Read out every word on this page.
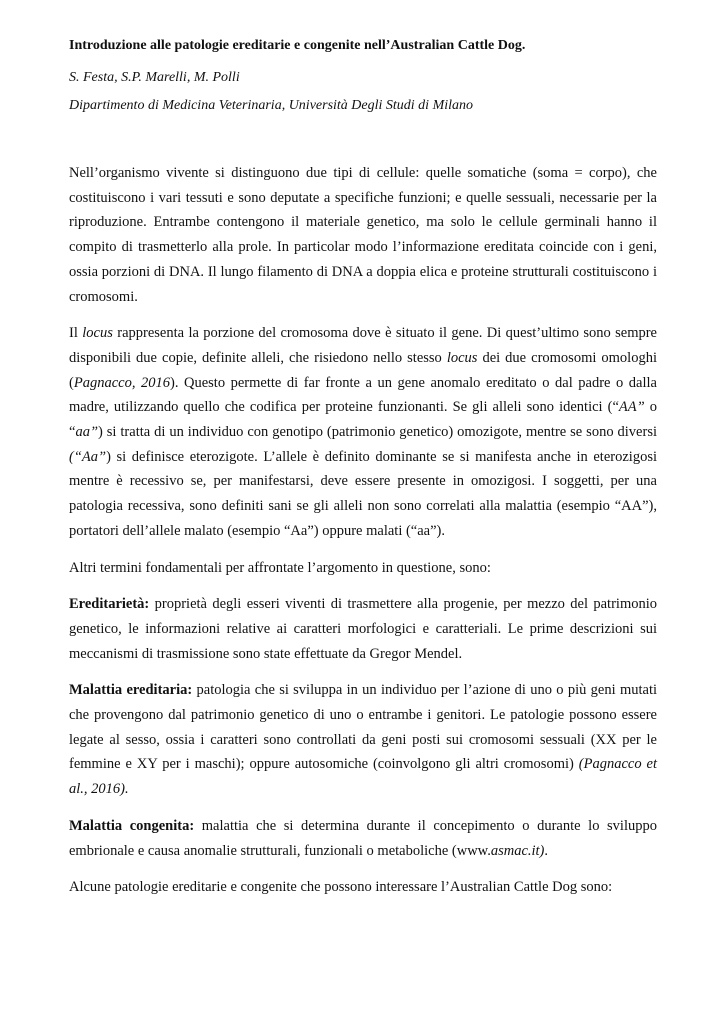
Introduzione alle patologie ereditarie e congenite nell’Australian Cattle Dog.

S. Festa, S.P. Marelli, M. Polli

Dipartimento di Medicina Veterinaria, Università Degli Studi di Milano

Nell’organismo vivente si distinguono due tipi di cellule: quelle somatiche (soma = corpo), che costituiscono i vari tessuti e sono deputate a specifiche funzioni; e quelle sessuali, necessarie per la riproduzione. Entrambe contengono il materiale genetico, ma solo le cellule germinali hanno il compito di trasmetterlo alla prole. In particolar modo l’informazione ereditata coincide con i geni, ossia porzioni di DNA. Il lungo filamento di DNA a doppia elica e proteine strutturali costituiscono i cromosomi.

Il locus rappresenta la porzione del cromosoma dove è situato il gene. Di quest’ultimo sono sempre disponibili due copie, definite alleli, che risiedono nello stesso locus dei due cromosomi omologhi (Pagnacco, 2016). Questo permette di far fronte a un gene anomalo ereditato o dal padre o dalla madre, utilizzando quello che codifica per proteine funzionanti. Se gli alleli sono identici (“AA” o “aa”) si tratta di un individuo con genotipo (patrimonio genetico) omozigote, mentre se sono diversi (“Aa”) si definisce eterozigote. L’allele è definito dominante se si manifesta anche in eterozigosi mentre è recessivo se, per manifestarsi, deve essere presente in omozigosi. I soggetti, per una patologia recessiva, sono definiti sani se gli alleli non sono correlati alla malattia (esempio “AA”), portatori dell’allele malato (esempio “Aa”) oppure malati (“aa”).

Altri termini fondamentali per affrontate l’argomento in questione, sono:

Ereditarietà: proprietà degli esseri viventi di trasmettere alla progenie, per mezzo del patrimonio genetico, le informazioni relative ai caratteri morfologici e caratteriali. Le prime descrizioni sui meccanismi di trasmissione sono state effettuate da Gregor Mendel.

Malattia ereditaria: patologia che si sviluppa in un individuo per l’azione di uno o più geni mutati che provengono dal patrimonio genetico di uno o entrambe i genitori. Le patologie possono essere legate al sesso, ossia i caratteri sono controllati da geni posti sui cromosomi sessuali (XX per le femmine e XY per i maschi); oppure autosomiche (coinvolgono gli altri cromosomi) (Pagnacco et al., 2016).

Malattia congenita: malattia che si determina durante il concepimento o durante lo sviluppo embrionale e causa anomalie strutturali, funzionali o metaboliche (www.asmac.it).

Alcune patologie ereditarie e congenite che possono interessare l’Australian Cattle Dog sono:
